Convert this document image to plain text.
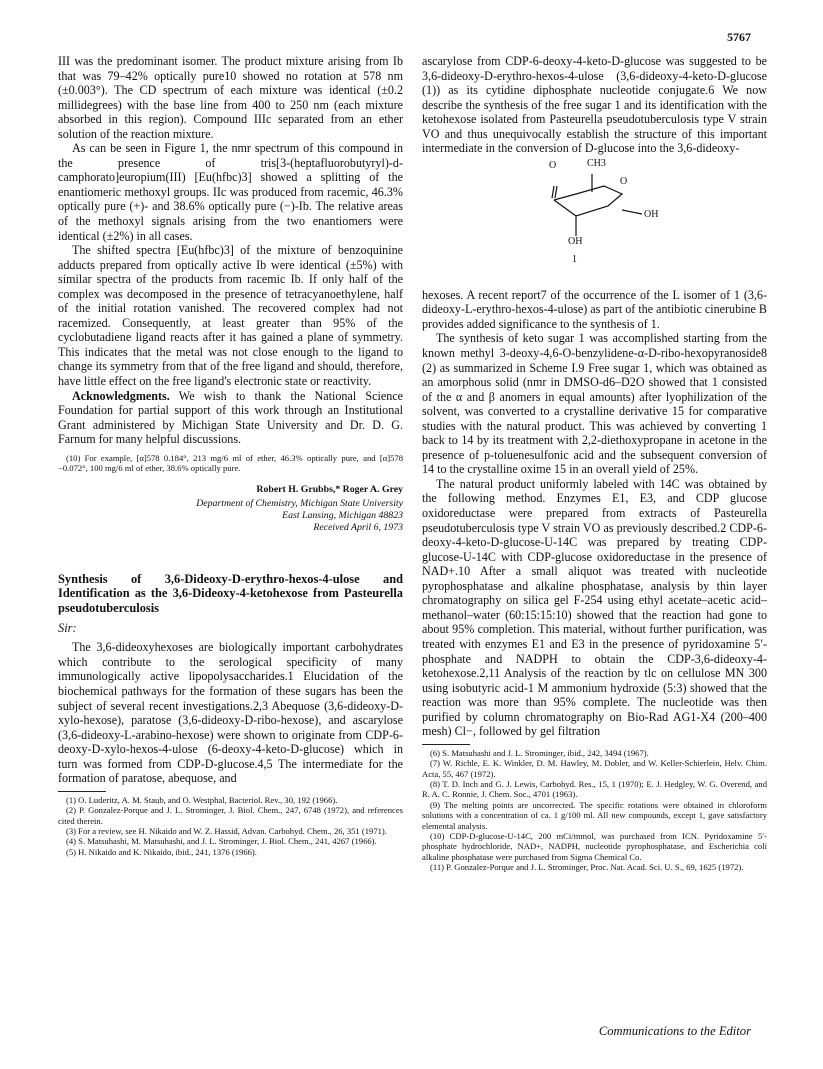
5767

III was the predominant isomer. The product mixture arising from Ib that was 79–42% optically pure10 showed no rotation at 578 nm (±0.003°). The CD spectrum of each mixture was identical (±0.2 millidegrees) with the base line from 400 to 250 nm (each mixture absorbed in this region). Compound IIIc separated from an ether solution of the reaction mixture.

As can be seen in Figure 1, the nmr spectrum of this compound in the presence of tris[3-(heptafluorobutyryl)-d-camphorato]europium(III) [Eu(hfbc)3] showed a splitting of the enantiomeric methoxyl groups. IIc was produced from racemic, 46.3% optically pure (+)- and 38.6% optically pure (−)-Ib. The relative areas of the methoxyl signals arising from the two enantiomers were identical (±2%) in all cases.

The shifted spectra [Eu(hfbc)3] of the mixture of benzoquinine adducts prepared from optically active Ib were identical (±5%) with similar spectra of the products from racemic Ib. If only half of the complex was decomposed in the presence of tetracyanoethylene, half of the initial rotation vanished. The recovered complex had not racemized. Consequently, at least greater than 95% of the cyclobutadiene ligand reacts after it has gained a plane of symmetry. This indicates that the metal was not close enough to the ligand to change its symmetry from that of the free ligand and should, therefore, have little effect on the free ligand's electronic state or reactivity.

Acknowledgments. We wish to thank the National Science Foundation for partial support of this work through an Institutional Grant administered by Michigan State University and Dr. D. G. Farnum for many helpful discussions.

(10) For example, [α]578 0.184°, 213 mg/6 ml of ether, 46.3% optically pure, and [α]578 −0.072°, 100 mg/6 ml of ether, 38.6% optically pure.

Robert H. Grubbs,* Roger A. Grey
Department of Chemistry, Michigan State University
East Lansing, Michigan 48823
Received April 6, 1973
Synthesis of 3,6-Dideoxy-D-erythro-hexos-4-ulose and Identification as the 3,6-Dideoxy-4-ketohexose from Pasteurella pseudotuberculosis
Sir:

The 3,6-dideoxyhexoses are biologically important carbohydrates which contribute to the serological specificity of many immunologically active lipopolysaccharides.1 Elucidation of the biochemical pathways for the formation of these sugars has been the subject of several recent investigations.2,3 Abequose (3,6-dideoxy-D-xylo-hexose), paratose (3,6-dideoxy-D-ribo-hexose), and ascarylose (3,6-dideoxy-L-arabino-hexose) were shown to originate from CDP-6-deoxy-D-xylo-hexos-4-ulose (6-deoxy-4-keto-D-glucose) which in turn was formed from CDP-D-glucose.4,5 The intermediate for the formation of paratose, abequose, and

(1) O. Luderitz, A. M. Staub, and O. Westphal, Bacteriol. Rev., 30, 192 (1966).

(2) P. Gonzalez-Porque and J. L. Strominger, J. Biol. Chem., 247, 6748 (1972), and references cited therein.

(3) For a review, see H. Nikaido and W. Z. Hassid, Advan. Carbohyd. Chem., 26, 351 (1971).

(4) S. Matsuhashi, M. Matsuhashi, and J. L. Strominger, J. Biol. Chem., 241, 4267 (1966).

(5) H. Nikaido and K. Nikaido, ibid., 241, 1376 (1966).

ascarylose from CDP-6-deoxy-4-keto-D-glucose was suggested to be 3,6-dideoxy-D-erythro-hexos-4-ulose (3,6-dideoxy-4-keto-D-glucose (1)) as its cytidine diphosphate nucleotide conjugate.6 We now describe the synthesis of the free sugar 1 and its identification with the ketohexose isolated from Pasteurella pseudotuberculosis type V strain VO and thus unequivocally establish the structure of this important intermediate in the conversion of D-glucose into the 3,6-dideoxy-

O	CH3
O
OH
OH
1

hexoses. A recent report7 of the occurrence of the L isomer of 1 (3,6-dideoxy-L-erythro-hexos-4-ulose) as part of the antibiotic cinerubine B provides added significance to the synthesis of 1.

The synthesis of keto sugar 1 was accomplished starting from the known methyl 3-deoxy-4,6-O-benzylidene-α-D-ribo-hexopyranoside8 (2) as summarized in Scheme I.9 Free sugar 1, which was obtained as an amorphous solid (nmr in DMSO-d6–D2O showed that 1 consisted of the α and β anomers in equal amounts) after lyophilization of the solvent, was converted to a crystalline derivative 15 for comparative studies with the natural product. This was achieved by converting 1 back to 14 by its treatment with 2,2-diethoxypropane in acetone in the presence of p-toluenesulfonic acid and the subsequent conversion of 14 to the crystalline oxime 15 in an overall yield of 25%.

The natural product uniformly labeled with 14C was obtained by the following method. Enzymes E1, E3, and CDP glucose oxidoreductase were prepared from extracts of Pasteurella pseudotuberculosis type V strain VO as previously described.2 CDP-6-deoxy-4-keto-D-glucose-U-14C was prepared by treating CDP-glucose-U-14C with CDP-glucose oxidoreductase in the presence of NAD+.10 After a small aliquot was treated with nucleotide pyrophosphatase and alkaline phosphatase, analysis by thin layer chromatography on silica gel F-254 using ethyl acetate–acetic acid–methanol–water (60:15:15:10) showed that the reaction had gone to about 95% completion. This material, without further purification, was treated with enzymes E1 and E3 in the presence of pyridoxamine 5′-phosphate and NADPH to obtain the CDP-3,6-dideoxy-4-ketohexose.2,11 Analysis of the reaction by tlc on cellulose MN 300 using isobutyric acid-1 M ammonium hydroxide (5:3) showed that the reaction was more than 95% complete. The nucleotide was then purified by column chromatography on Bio-Rad AG1-X4 (200–400 mesh) Cl−, followed by gel filtration

(6) S. Matsuhashi and J. L. Strominger, ibid., 242, 3494 (1967).

(7) W. Richle, E. K. Winkler, D. M. Hawley, M. Dobler, and W. Keller-Schierlein, Helv. Chim. Acta, 55, 467 (1972).

(8) T. D. Inch and G. J. Lewis, Carbohyd. Res., 15, 1 (1970); E. J. Hedgley, W. G. Overend, and R. A. C. Ronnie, J. Chem. Soc., 4701 (1963).

(9) The melting points are uncorrected. The specific rotations were obtained in chloroform solutions with a concentration of ca. 1 g/100 ml. All new compounds, except 1, gave satisfactory elemental analysis.

(10) CDP-D-glucose-U-14C, 200 mCi/mmol, was purchased from ICN. Pyridoxamine 5′-phosphate hydrochloride, NAD+, NADPH, nucleotide pyrophosphatase, and Escherichia coli alkaline phosphatase were purchased from Sigma Chemical Co.

(11) P. Gonzalez-Porque and J. L. Strominger, Proc. Nat. Acad. Sci. U. S., 69, 1625 (1972).

Communications to the Editor
